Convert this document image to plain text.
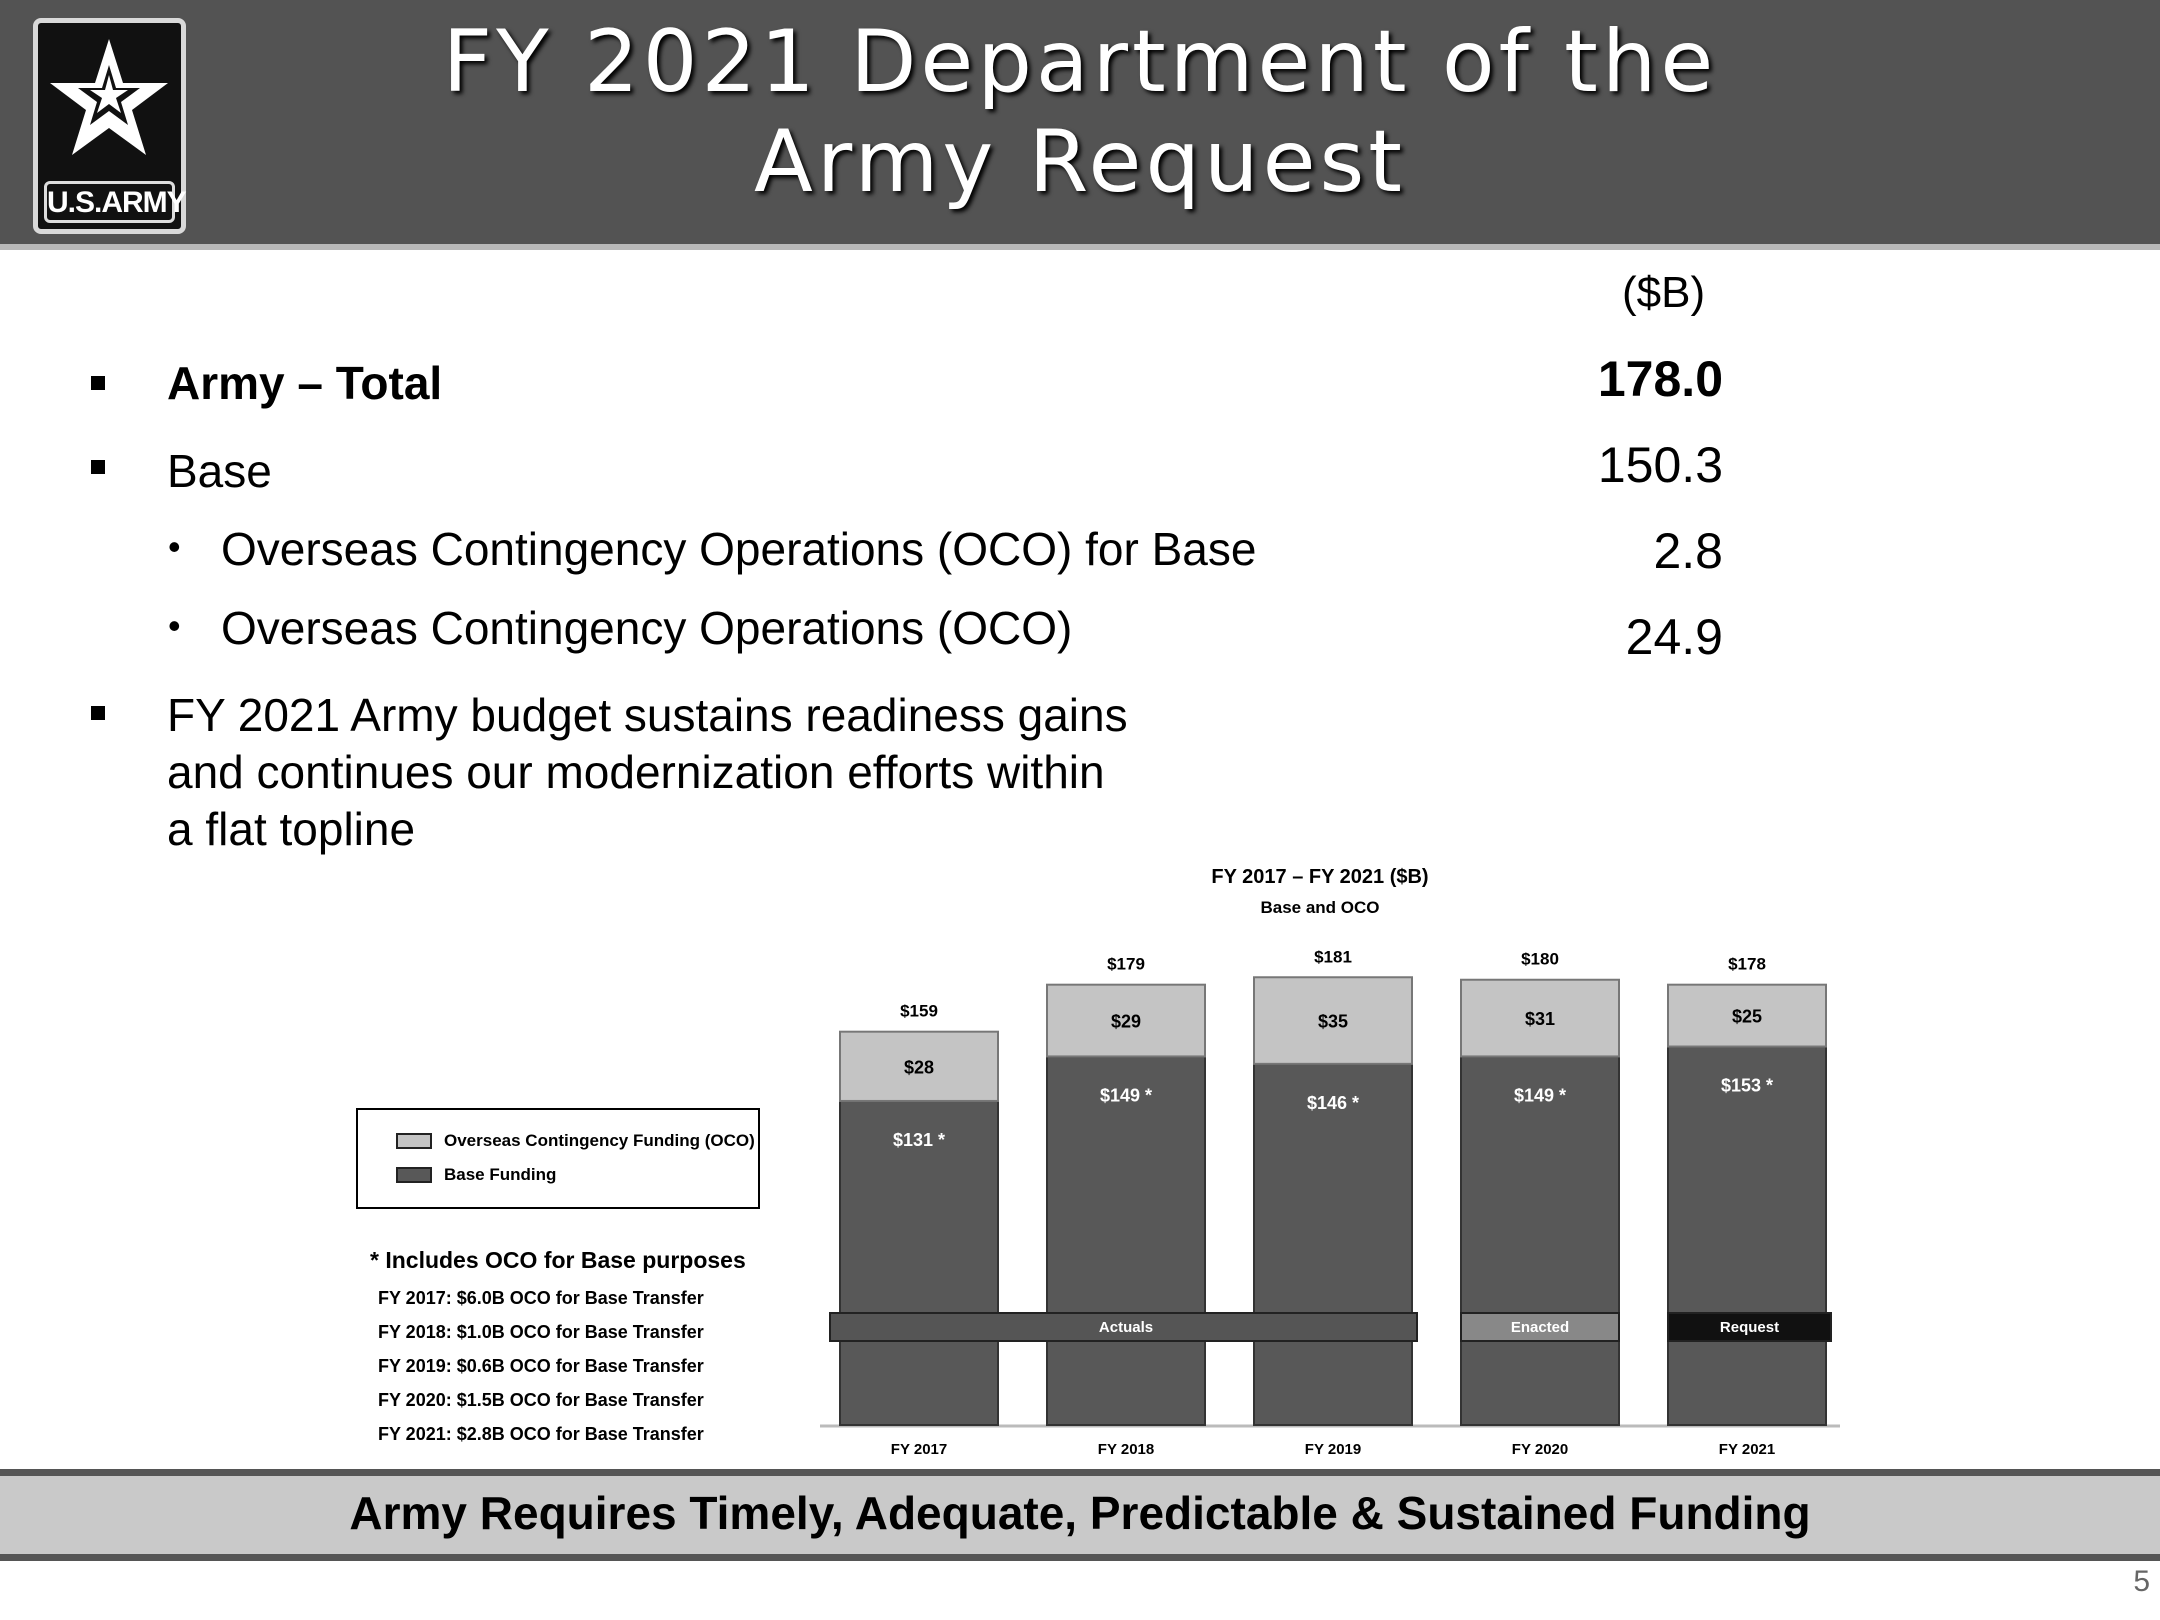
U.S.ARMY
FY 2021 Department of the
Army Request
($B)
Army – Total	178.0
Base	150.3
• Overseas Contingency Operations (OCO) for Base	2.8
• Overseas Contingency Operations (OCO)	24.9
FY 2021 Army budget sustains readiness gains
and continues our modernization efforts within
a flat topline
FY 2017 – FY 2021 ($B)
Base and OCO
$131 *
$28
$159
FY 2017
$149 *
$29
$179
FY 2018
$146 *
$35
$181
FY 2019
$149 *
$31
$180
FY 2020
$153 *
$25
$178
FY 2021
Actuals	Enacted	Request
Overseas Contingency Funding (OCO)
Base Funding
* Includes OCO for Base purposes
FY 2017: $6.0B OCO for Base Transfer
FY 2018: $1.0B OCO for Base Transfer
FY 2019: $0.6B OCO for Base Transfer
FY 2020: $1.5B OCO for Base Transfer
FY 2021: $2.8B OCO for Base Transfer
Army Requires Timely, Adequate, Predictable & Sustained Funding
5
